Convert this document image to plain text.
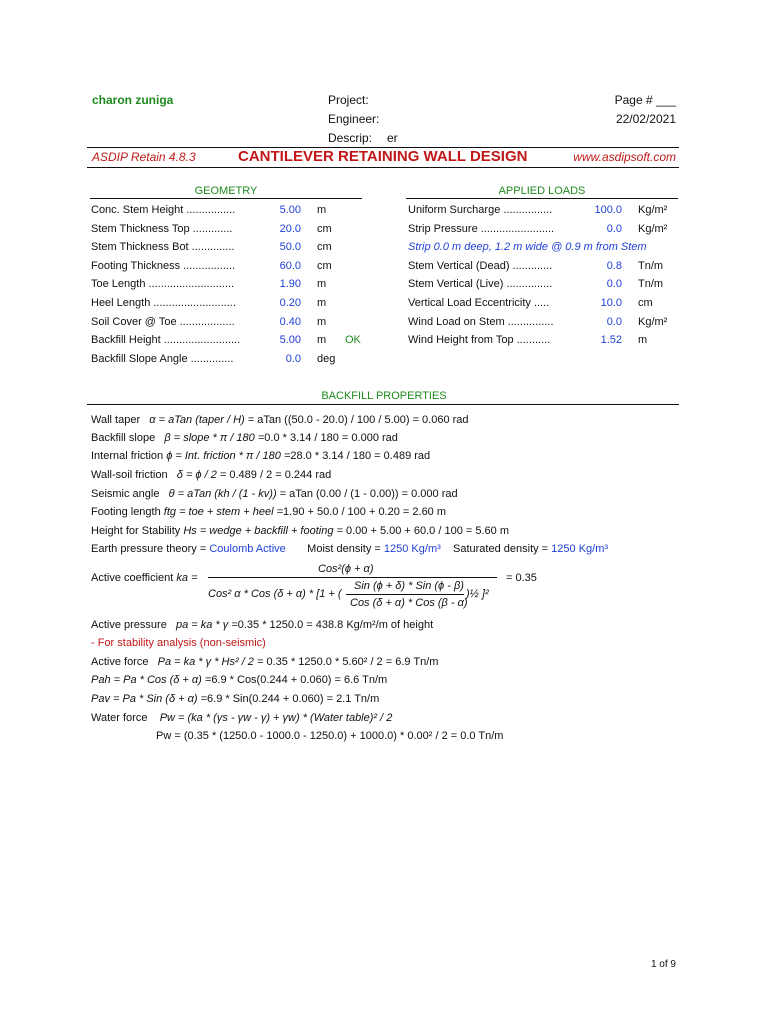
charon zuniga	Project:
Engineer:
Descrip: er
Page # ___
22/02/2021
ASDIP Retain 4.8.3	CANTILEVER RETAINING WALL DESIGN	www.asdipsoft.com
GEOMETRY
Conc. Stem Height ................	5.00 m
Stem Thickness Top .............	20.0 cm
Stem Thickness Bot ..............	50.0 cm
Footing Thickness .................	60.0 cm
Toe Length ............................	1.90 m
Heel Length ...........................	0.20 m
Soil Cover @ Toe ..................	0.40 m
Backfill Height .........................	5.00 m OK
Backfill Slope Angle ..............	0.0 deg
APPLIED LOADS
Uniform Surcharge ................	100.0 Kg/m²
Strip Pressure ........................	0.0 Kg/m²
Strip 0.0 m deep, 1.2 m wide @ 0.9 m from Stem
Stem Vertical (Dead) .............	0.8 Tn/m
Stem Vertical (Live) ...............	0.0 Tn/m
Vertical Load Eccentricity .....	10.0 cm
Wind Load on Stem ...............	0.0 Kg/m²
Wind Height from Top ...........	1.52 m
BACKFILL PROPERTIES
Wall taper α = aTan (taper / H) = aTan ((50.0 - 20.0) / 100 / 5.00) = 0.060 rad
Backfill slope β = slope * π / 180 =0.0 * 3.14 / 180 = 0.000 rad
Internal friction ϕ = Int. friction * π / 180 =28.0 * 3.14 / 180 = 0.489 rad
Wall-soil friction δ = ϕ / 2 = 0.489 / 2 = 0.244 rad
Seismic angle θ = aTan (kh / (1 - kv)) = aTan (0.00 / (1 - 0.00)) = 0.000 rad
Footing length ftg = toe + stem + heel =1.90 + 50.0 / 100 + 0.20 = 2.60 m
Height for Stability Hs = wedge + backfill + footing = 0.00 + 5.00 + 60.0 / 100 = 5.60 m
Earth pressure theory = Coulomb Active Moist density = 1250 Kg/m³ Saturated density = 1250 Kg/m³
Active coefficient ka =
Cos²(ϕ + α)
Cos² α * Cos (δ + α) * [1 + (
Sin (ϕ + δ) * Sin (ϕ - β)
Cos (δ + α) * Cos (β - α)
)½ ]²
= 0.35
Active pressure pa = ka * γ =0.35 * 1250.0 = 438.8 Kg/m²/m of height
- For stability analysis (non-seismic)
Active force Pa = ka * γ * Hs² / 2 = 0.35 * 1250.0 * 5.60² / 2 = 6.9 Tn/m
Pah = Pa * Cos (δ + α) =6.9 * Cos(0.244 + 0.060) = 6.6 Tn/m
Pav = Pa * Sin (δ + α) =6.9 * Sin(0.244 + 0.060) = 2.1 Tn/m
Water force Pw = (ka * (γs - γw - γ) + γw) * (Water table)² / 2
Pw = (0.35 * (1250.0 - 1000.0 - 1250.0) + 1000.0) * 0.00² / 2 = 0.0 Tn/m
1 of 9
